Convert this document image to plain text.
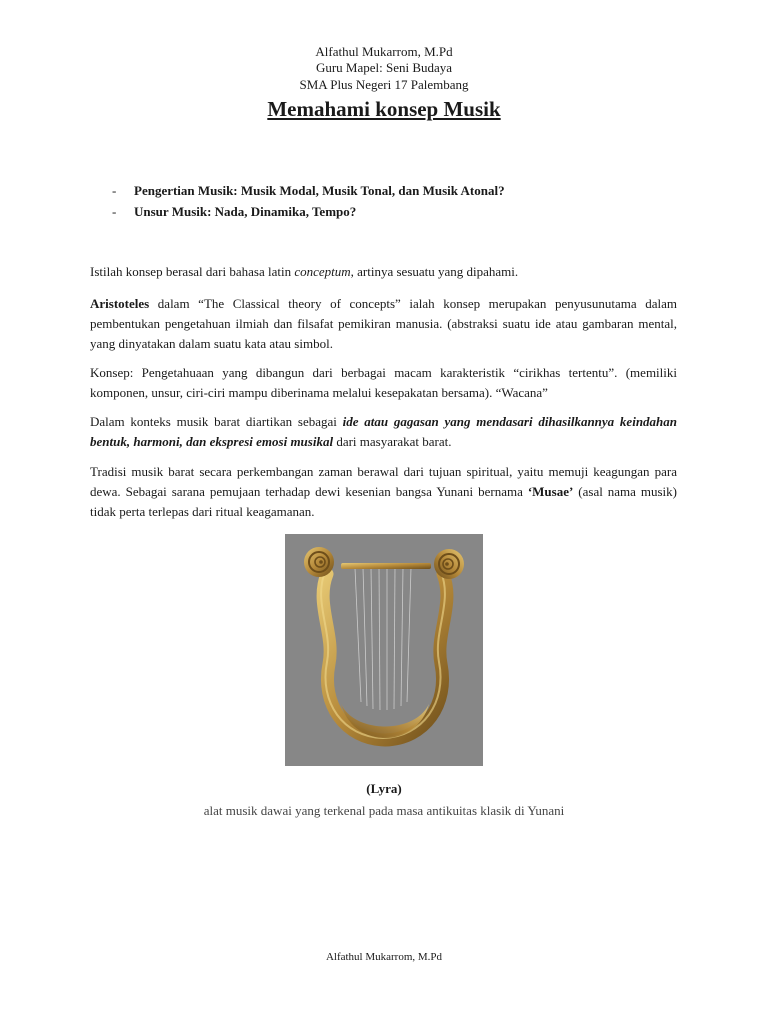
Alfathul Mukarrom, M.Pd
Guru Mapel: Seni Budaya
SMA Plus Negeri 17 Palembang
Memahami konsep Musik
-	Pengertian Musik: Musik Modal, Musik Tonal, dan Musik Atonal?
-	Unsur Musik: Nada, Dinamika, Tempo?

Istilah konsep berasal dari bahasa latin conceptum, artinya sesuatu yang dipahami.

Aristoteles dalam “The Classical theory of concepts” ialah konsep merupakan penyusunutama dalam pembentukan pengetahuan ilmiah dan filsafat pemikiran manusia. (abstraksi suatu ide atau gambaran mental, yang dinyatakan dalam suatu kata atau simbol.

Konsep: Pengetahuaan yang dibangun dari berbagai macam karakteristik “cirikhas tertentu”. (memiliki komponen, unsur, ciri-ciri mampu diberinama melalui kesepakatan bersama). “Wacana”

Dalam konteks musik barat diartikan sebagai ide atau gagasan yang mendasari dihasilkannya keindahan bentuk, harmoni, dan ekspresi emosi musikal dari masyarakat barat.

Tradisi musik barat secara perkembangan zaman berawal dari tujuan spiritual, yaitu memuji keagungan para dewa. Sebagai sarana pemujaan terhadap dewi kesenian bangsa Yunani bernama ‘Musae’ (asal nama musik) tidak perta terlepas dari ritual keagamanan.

(Lyra)
alat musik dawai yang terkenal pada masa antikuitas klasik di Yunani
Alfathul Mukarrom, M.Pd
